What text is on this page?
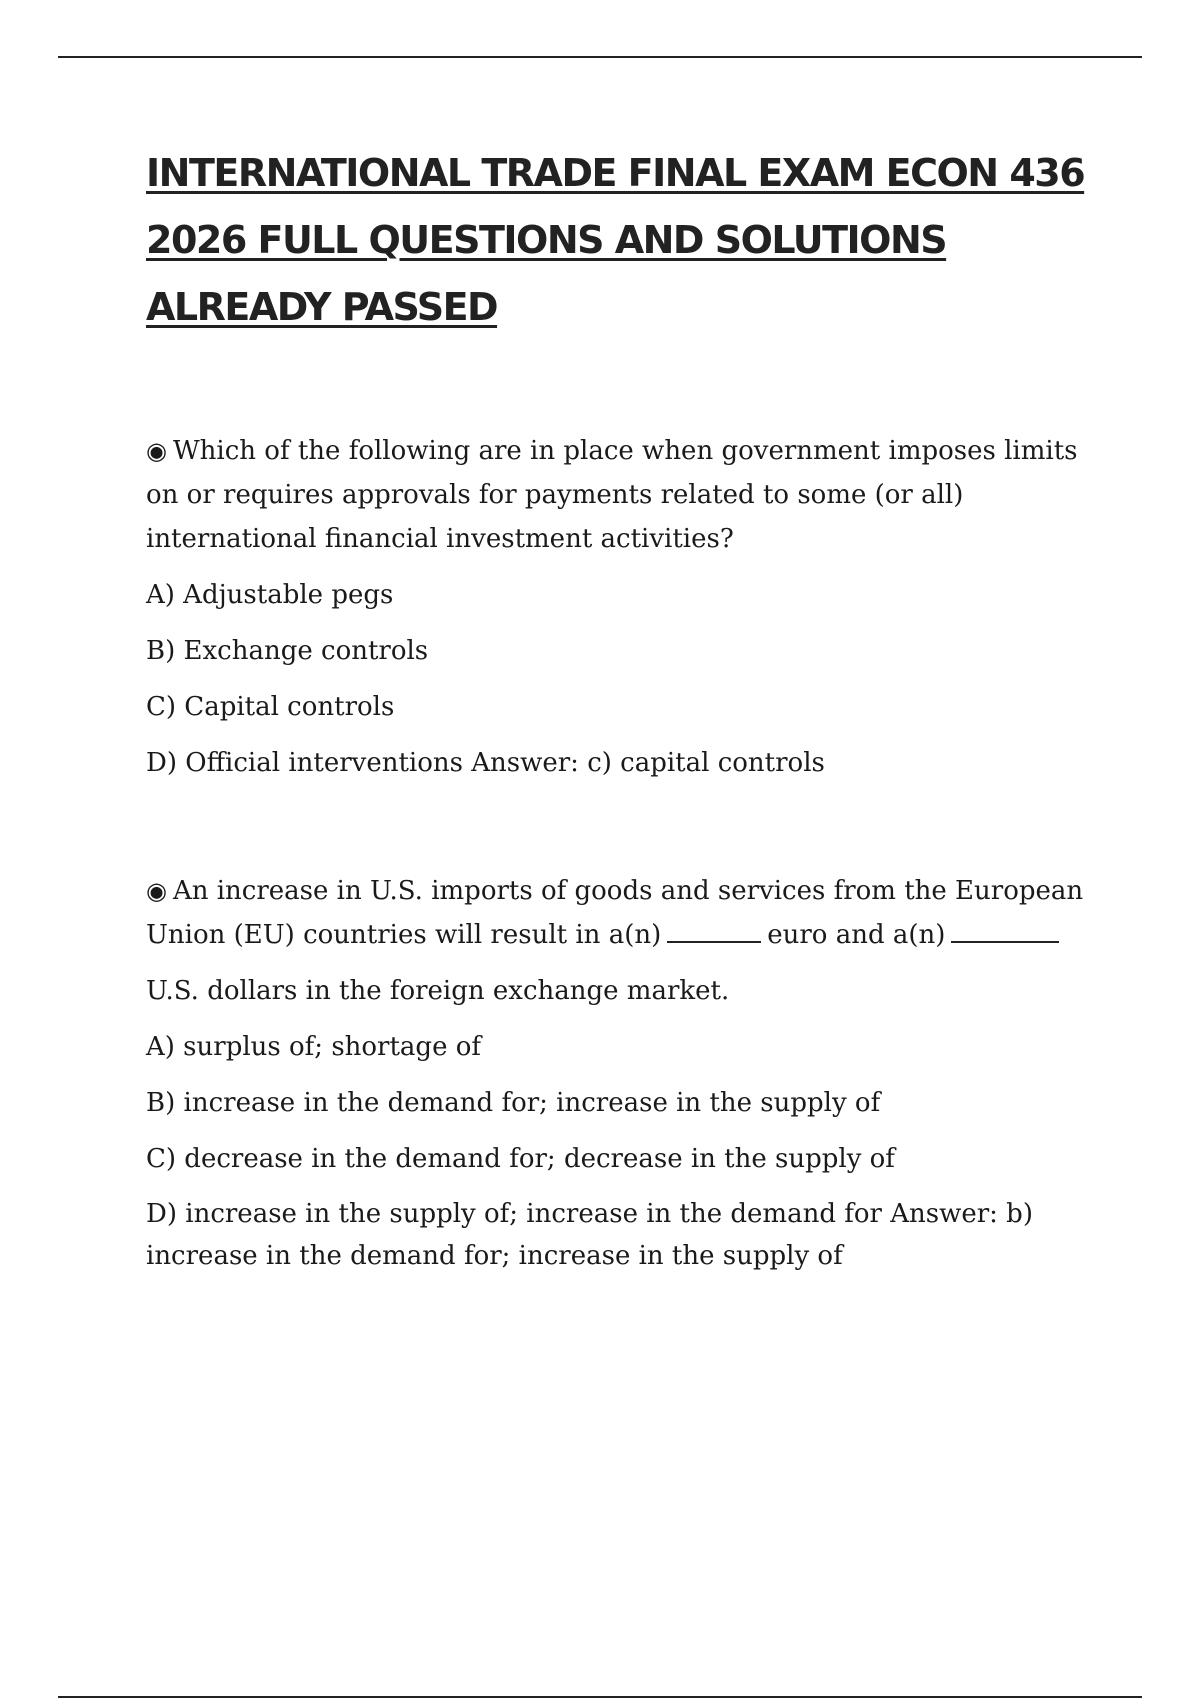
INTERNATIONAL TRADE FINAL EXAM ECON 436 2026 FULL QUESTIONS AND SOLUTIONS ALREADY PASSED

◉ Which of the following are in place when government imposes limits on or requires approvals for payments related to some (or all) international financial investment activities?

A) Adjustable pegs

B) Exchange controls

C) Capital controls

D) Official interventions Answer: c) capital controls

◉ An increase in U.S. imports of goods and services from the European Union (EU) countries will result in a(n)	euro and a(n)

U.S. dollars in the foreign exchange market.

A) surplus of; shortage of

B) increase in the demand for; increase in the supply of

C) decrease in the demand for; decrease in the supply of

D) increase in the supply of; increase in the demand for Answer: b) increase in the demand for; increase in the supply of
